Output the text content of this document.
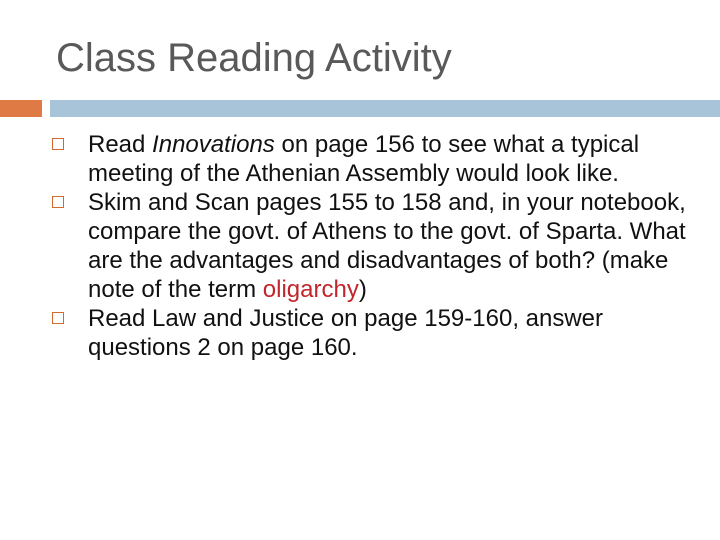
Class Reading Activity
Read Innovations on page 156 to see what a typical meeting of the Athenian Assembly would look like.
Skim and Scan pages 155 to 158 and, in your notebook, compare the govt. of Athens to the govt. of Sparta. What are the advantages and disadvantages of both? (make note of the term oligarchy)
Read Law and Justice on page 159-160, answer questions 2 on page 160.
